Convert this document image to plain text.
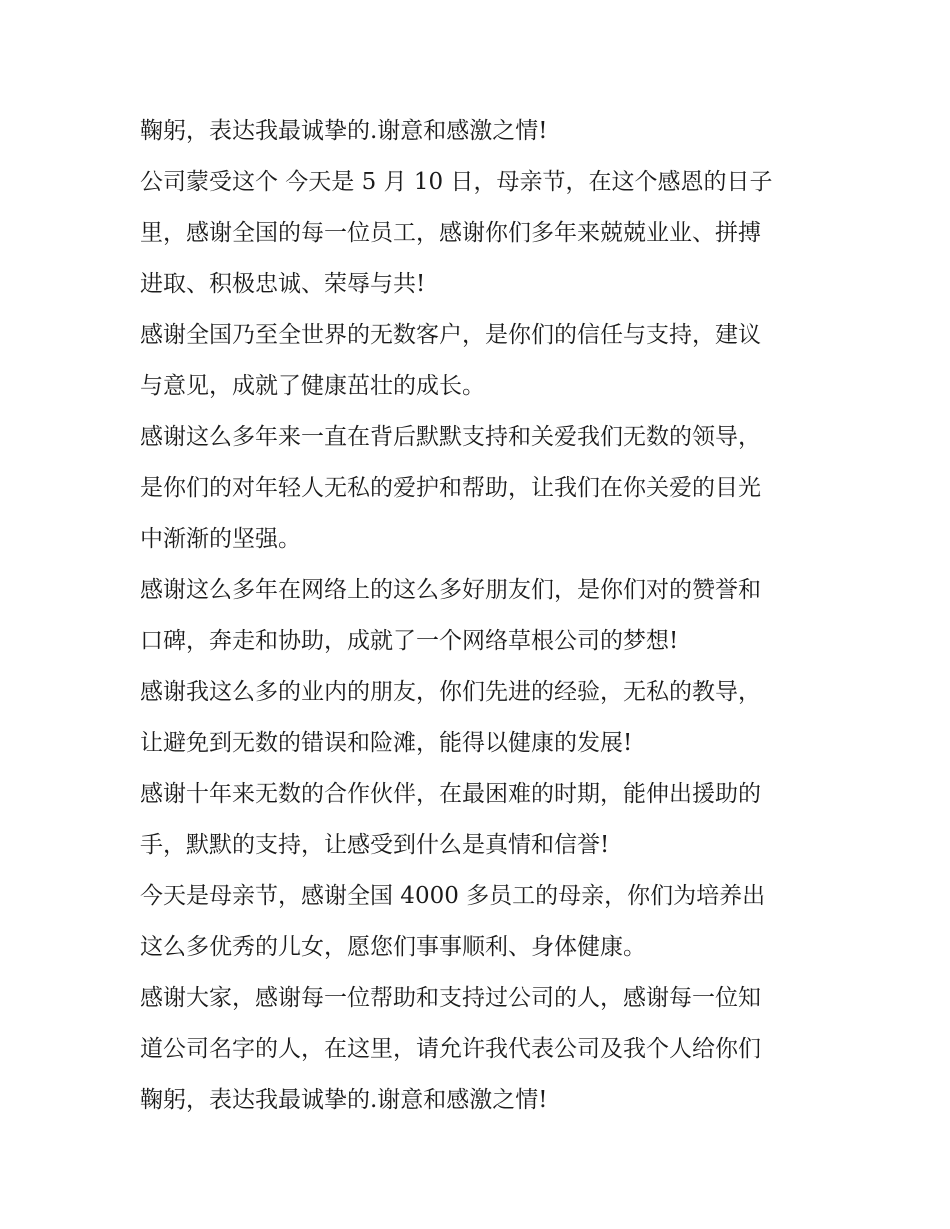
鞠躬，表达我最诚挚的.谢意和感激之情!
公司蒙受这个 今天是 5 月 10 日，母亲节，在这个感恩的日子
里，感谢全国的每一位员工，感谢你们多年来兢兢业业、拼搏
进取、积极忠诚、荣辱与共!
感谢全国乃至全世界的无数客户，是你们的信任与支持，建议
与意见，成就了健康茁壮的成长。
感谢这么多年来一直在背后默默支持和关爱我们无数的领导，
是你们的对年轻人无私的爱护和帮助，让我们在你关爱的目光
中渐渐的坚强。
感谢这么多年在网络上的这么多好朋友们，是你们对的赞誉和
口碑，奔走和协助，成就了一个网络草根公司的梦想!
感谢我这么多的业内的朋友，你们先进的经验，无私的教导，
让避免到无数的错误和险滩，能得以健康的发展!
感谢十年来无数的合作伙伴，在最困难的时期，能伸出援助的
手，默默的支持，让感受到什么是真情和信誉!
今天是母亲节，感谢全国 4000 多员工的母亲，你们为培养出
这么多优秀的儿女，愿您们事事顺利、身体健康。
感谢大家，感谢每一位帮助和支持过公司的人，感谢每一位知
道公司名字的人，在这里，请允许我代表公司及我个人给你们
鞠躬，表达我最诚挚的.谢意和感激之情!
